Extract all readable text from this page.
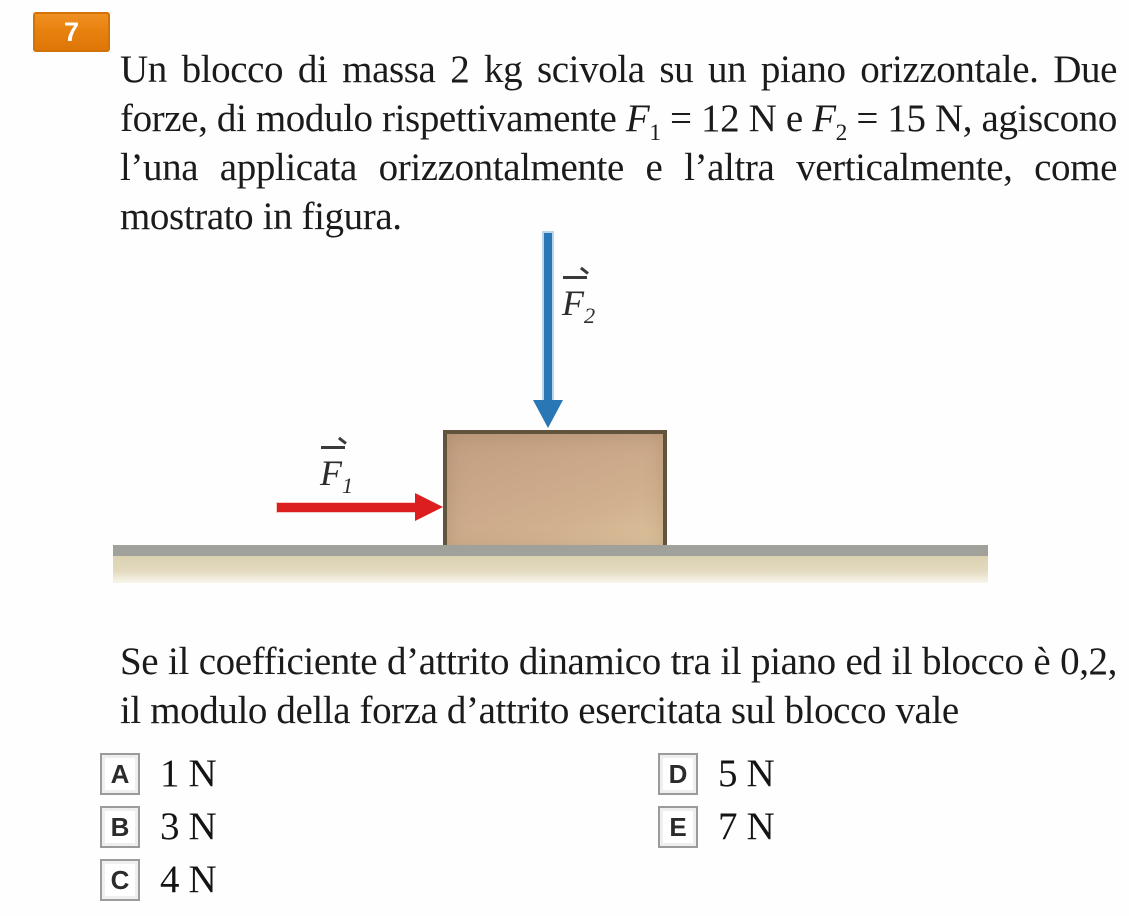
7

Un blocco di massa 2 kg scivola su un piano orizzontale. Due forze, di modulo rispettivamente $F_1 = 12$ N e $F_2 = 15$ N, agiscono l’una applicata orizzontalmente e l’altra verticalmente, come mostrato in figura.

$F_2$
$F_1$

Se il coefficiente d’attrito dinamico tra il piano ed il blocco è 0,2, il modulo della forza d’attrito esercitata sul blocco vale

A 1 N
B 3 N
C 4 N
D 5 N
E 7 N
